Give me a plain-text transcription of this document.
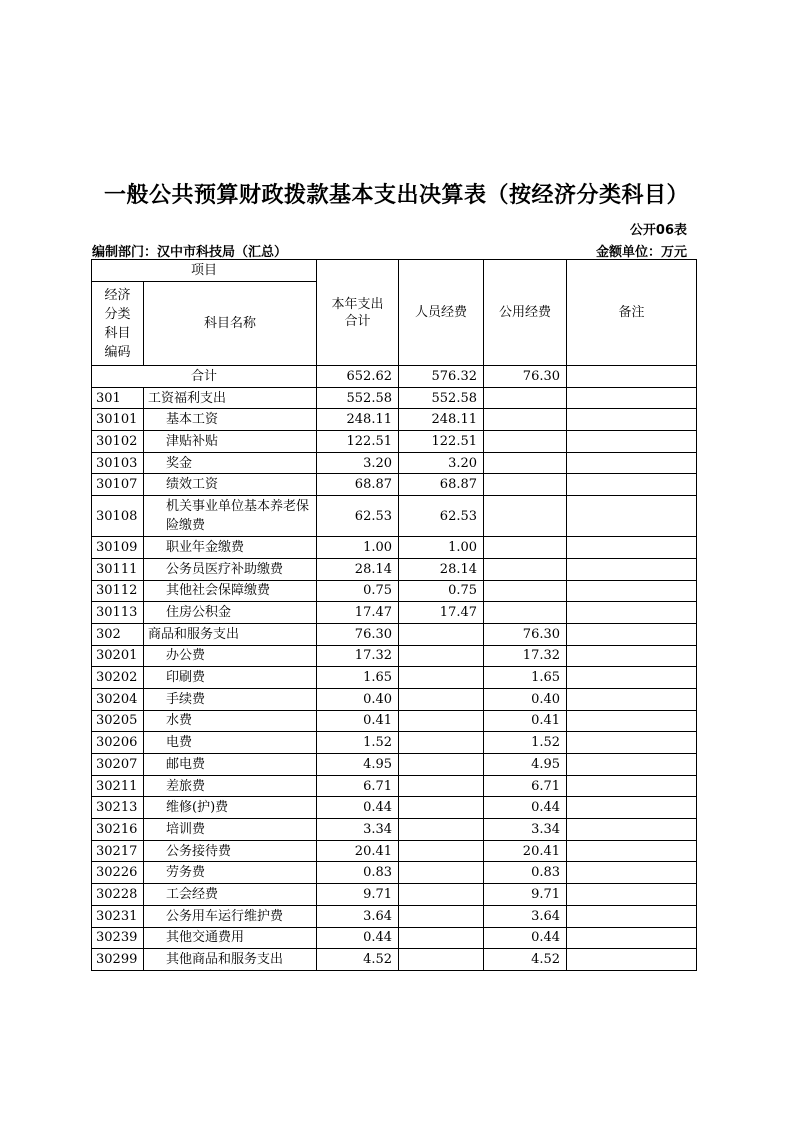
一般公共预算财政拨款基本支出决算表（按经济分类科目）
公开06表
编制部门：汉中市科技局（汇总）	金额单位：万元
项目		本年支出合计	人员经费	公用经费	备注
经济分类科目编码	科目名称				
合计		652.62	576.32	76.30	
301	工资福利支出	552.58	552.58		
30101	基本工资	248.11	248.11		
30102	津贴补贴	122.51	122.51		
30103	奖金	3.20	3.20		
30107	绩效工资	68.87	68.87		
30108	机关事业单位基本养老保险缴费	62.53	62.53		
30109	职业年金缴费	1.00	1.00		
30111	公务员医疗补助缴费	28.14	28.14		
30112	其他社会保障缴费	0.75	0.75		
30113	住房公积金	17.47	17.47		
302	商品和服务支出	76.30		76.30	
30201	办公费	17.32		17.32	
30202	印刷费	1.65		1.65	
30204	手续费	0.40		0.40	
30205	水费	0.41		0.41	
30206	电费	1.52		1.52	
30207	邮电费	4.95		4.95	
30211	差旅费	6.71		6.71	
30213	维修(护)费	0.44		0.44	
30216	培训费	3.34		3.34	
30217	公务接待费	20.41		20.41	
30226	劳务费	0.83		0.83	
30228	工会经费	9.71		9.71	
30231	公务用车运行维护费	3.64		3.64	
30239	其他交通费用	0.44		0.44	
30299	其他商品和服务支出	4.52		4.52	
